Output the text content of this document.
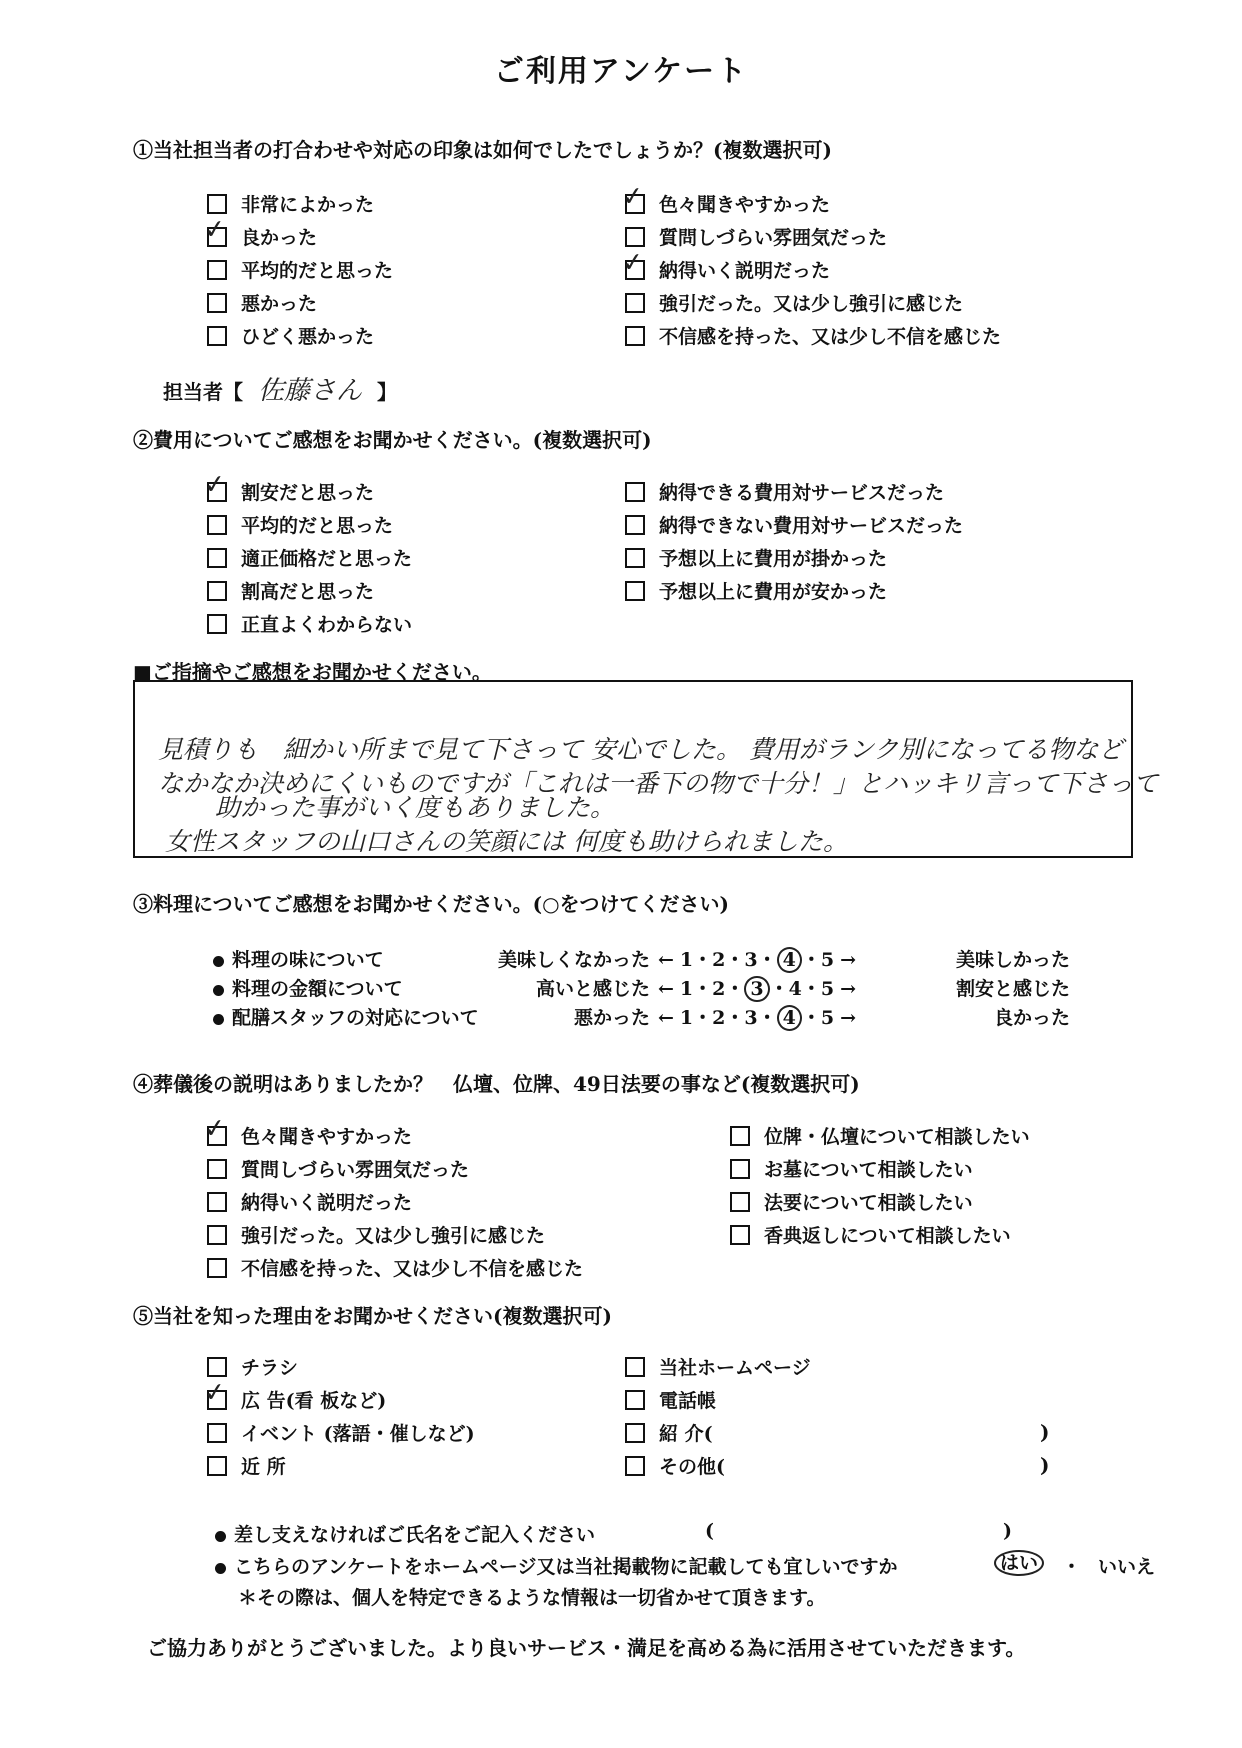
ご利用アンケート
①当社担当者の打合わせや対応の印象は如何でしたでしょうか？(複数選択可)
非常によかった
✓ 良かった
平均的だと思った
悪かった
ひどく悪かった
✓ 色々聞きやすかった
質問しづらい雰囲気だった
✓ 納得いく説明だった
強引だった。又は少し強引に感じた
不信感を持った、又は少し不信を感じた
担当者【 佐藤さん 】
②費用についてご感想をお聞かせください。(複数選択可)
✓ 割安だと思った
平均的だと思った
適正価格だと思った
割高だと思った
正直よくわからない
納得できる費用対サービスだった
納得できない費用対サービスだった
予想以上に費用が掛かった
予想以上に費用が安かった
■ご指摘やご感想をお聞かせください。
見積りも　細かい所まで見て下さって 安心でした。 費用がランク別になってる物など
なかなか決めにくいものですが「これは一番下の物で十分！」とハッキリ言って下さって
助かった事がいく度もありました。
女性スタッフの山口さんの笑顔には 何度も助けられました。
③料理についてご感想をお聞かせください。(○をつけてください)
料理の味について	美味しくなかった ← 1・2・3・ 4 ・5 →	美味しかった
料理の金額について	高いと感じた ← 1・2・ 3 ・4・5 →	割安と感じた
配膳スタッフの対応について	悪かった ← 1・2・3・ 4 ・5 →	良かった
④葬儀後の説明はありましたか？　仏壇、位牌、49日法要の事など(複数選択可)
✓ 色々聞きやすかった
質問しづらい雰囲気だった
納得いく説明だった
強引だった。又は少し強引に感じた
不信感を持った、又は少し不信を感じた
位牌・仏壇について相談したい
お墓について相談したい
法要について相談したい
香典返しについて相談したい
⑤当社を知った理由をお聞かせください(複数選択可)
チラシ
✓ 広 告(看 板など)
イベント (落語・催しなど)
近 所
当社ホームページ
電話帳
紹 介(
その他(
)
)
差し支えなければご氏名をご記入ください	(	)
こちらのアンケートをホームページ又は当社掲載物に記載しても宜しいですか	はい	・ いいえ
＊その際は、個人を特定できるような情報は一切省かせて頂きます。
ご協力ありがとうございました。より良いサービス・満足を高める為に活用させていただきます。
